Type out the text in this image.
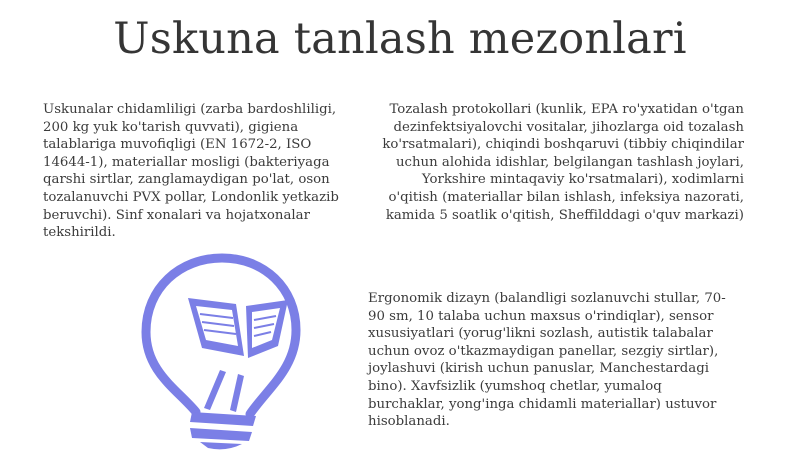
Uskuna tanlash mezonlari
Uskunalar chidamliligi (zarba bardoshliligi, 200 kg yuk ko'tarish quvvati), gigiena talablariga muvofiqligi (EN 1672-2, ISO 14644-1), materiallar mosligi (bakteriyaga qarshi sirtlar, zanglamaydigan po'lat, oson tozalanuvchi PVX pollar, Londonlik yetkazib beruvchi). Sinf xonalari va hojatxonalar tekshirildi.
Tozalash protokollari (kunlik, EPA ro'yxatidan o'tgan dezinfektsiyalovchi vositalar, jihozlarga oid tozalash ko'rsatmalari), chiqindi boshqaruvi (tibbiy chiqindilar uchun alohida idishlar, belgilangan tashlash joylari, Yorkshire mintaqaviy ko'rsatmalari), xodimlarni o'qitish (materiallar bilan ishlash, infeksiya nazorati, kamida 5 soatlik o'qitish, Sheffilddagi o'quv markazi)
Ergonomik dizayn (balandligi sozlanuvchi stullar, 70-90 sm, 10 talaba uchun maxsus o'rindiqlar), sensor xususiyatlari (yorug'likni sozlash, autistik talabalar uchun ovoz o'tkazmaydigan panellar, sezgiy sirtlar), joylashuvi (kirish uchun panuslar, Manchestardagi bino). Xavfsizlik (yumshoq chetlar, yumaloq burchaklar, yong'inga chidamli materiallar) ustuvor hisoblanadi.
